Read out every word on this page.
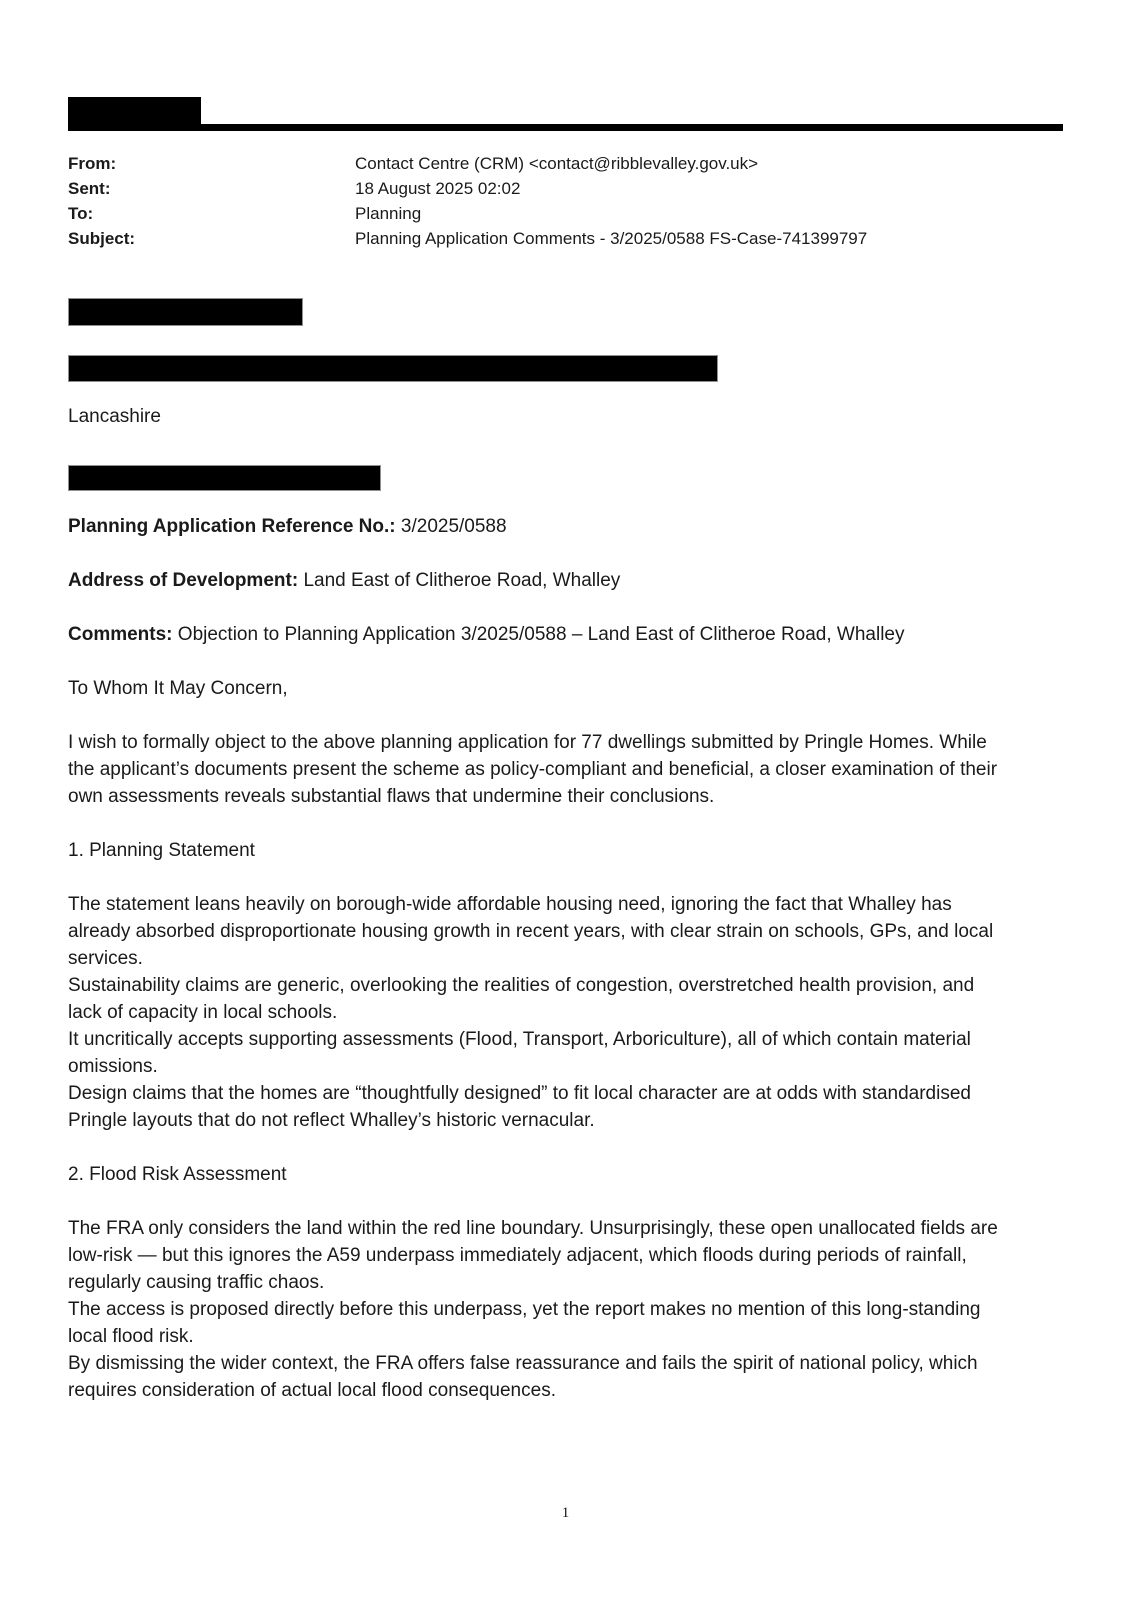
From:	Contact Centre (CRM) <contact@ribblevalley.gov.uk>
Sent:	18 August 2025 02:02
To:	Planning
Subject:	Planning Application Comments - 3/2025/0588 FS-Case-741399797
Lancashire
Planning Application Reference No.: 3/2025/0588
Address of Development: Land East of Clitheroe Road, Whalley
Comments: Objection to Planning Application 3/2025/0588 – Land East of Clitheroe Road, Whalley
To Whom It May Concern,
I wish to formally object to the above planning application for 77 dwellings submitted by Pringle Homes. While the applicant’s documents present the scheme as policy-compliant and beneficial, a closer examination of their own assessments reveals substantial flaws that undermine their conclusions.
1. Planning Statement
The statement leans heavily on borough-wide affordable housing need, ignoring the fact that Whalley has already absorbed disproportionate housing growth in recent years, with clear strain on schools, GPs, and local services.
Sustainability claims are generic, overlooking the realities of congestion, overstretched health provision, and lack of capacity in local schools.
It uncritically accepts supporting assessments (Flood, Transport, Arboriculture), all of which contain material omissions.
Design claims that the homes are “thoughtfully designed” to fit local character are at odds with standardised Pringle layouts that do not reflect Whalley’s historic vernacular.
2. Flood Risk Assessment
The FRA only considers the land within the red line boundary. Unsurprisingly, these open unallocated fields are low-risk — but this ignores the A59 underpass immediately adjacent, which floods during periods of rainfall, regularly causing traffic chaos.
The access is proposed directly before this underpass, yet the report makes no mention of this long-standing local flood risk.
By dismissing the wider context, the FRA offers false reassurance and fails the spirit of national policy, which requires consideration of actual local flood consequences.
1
